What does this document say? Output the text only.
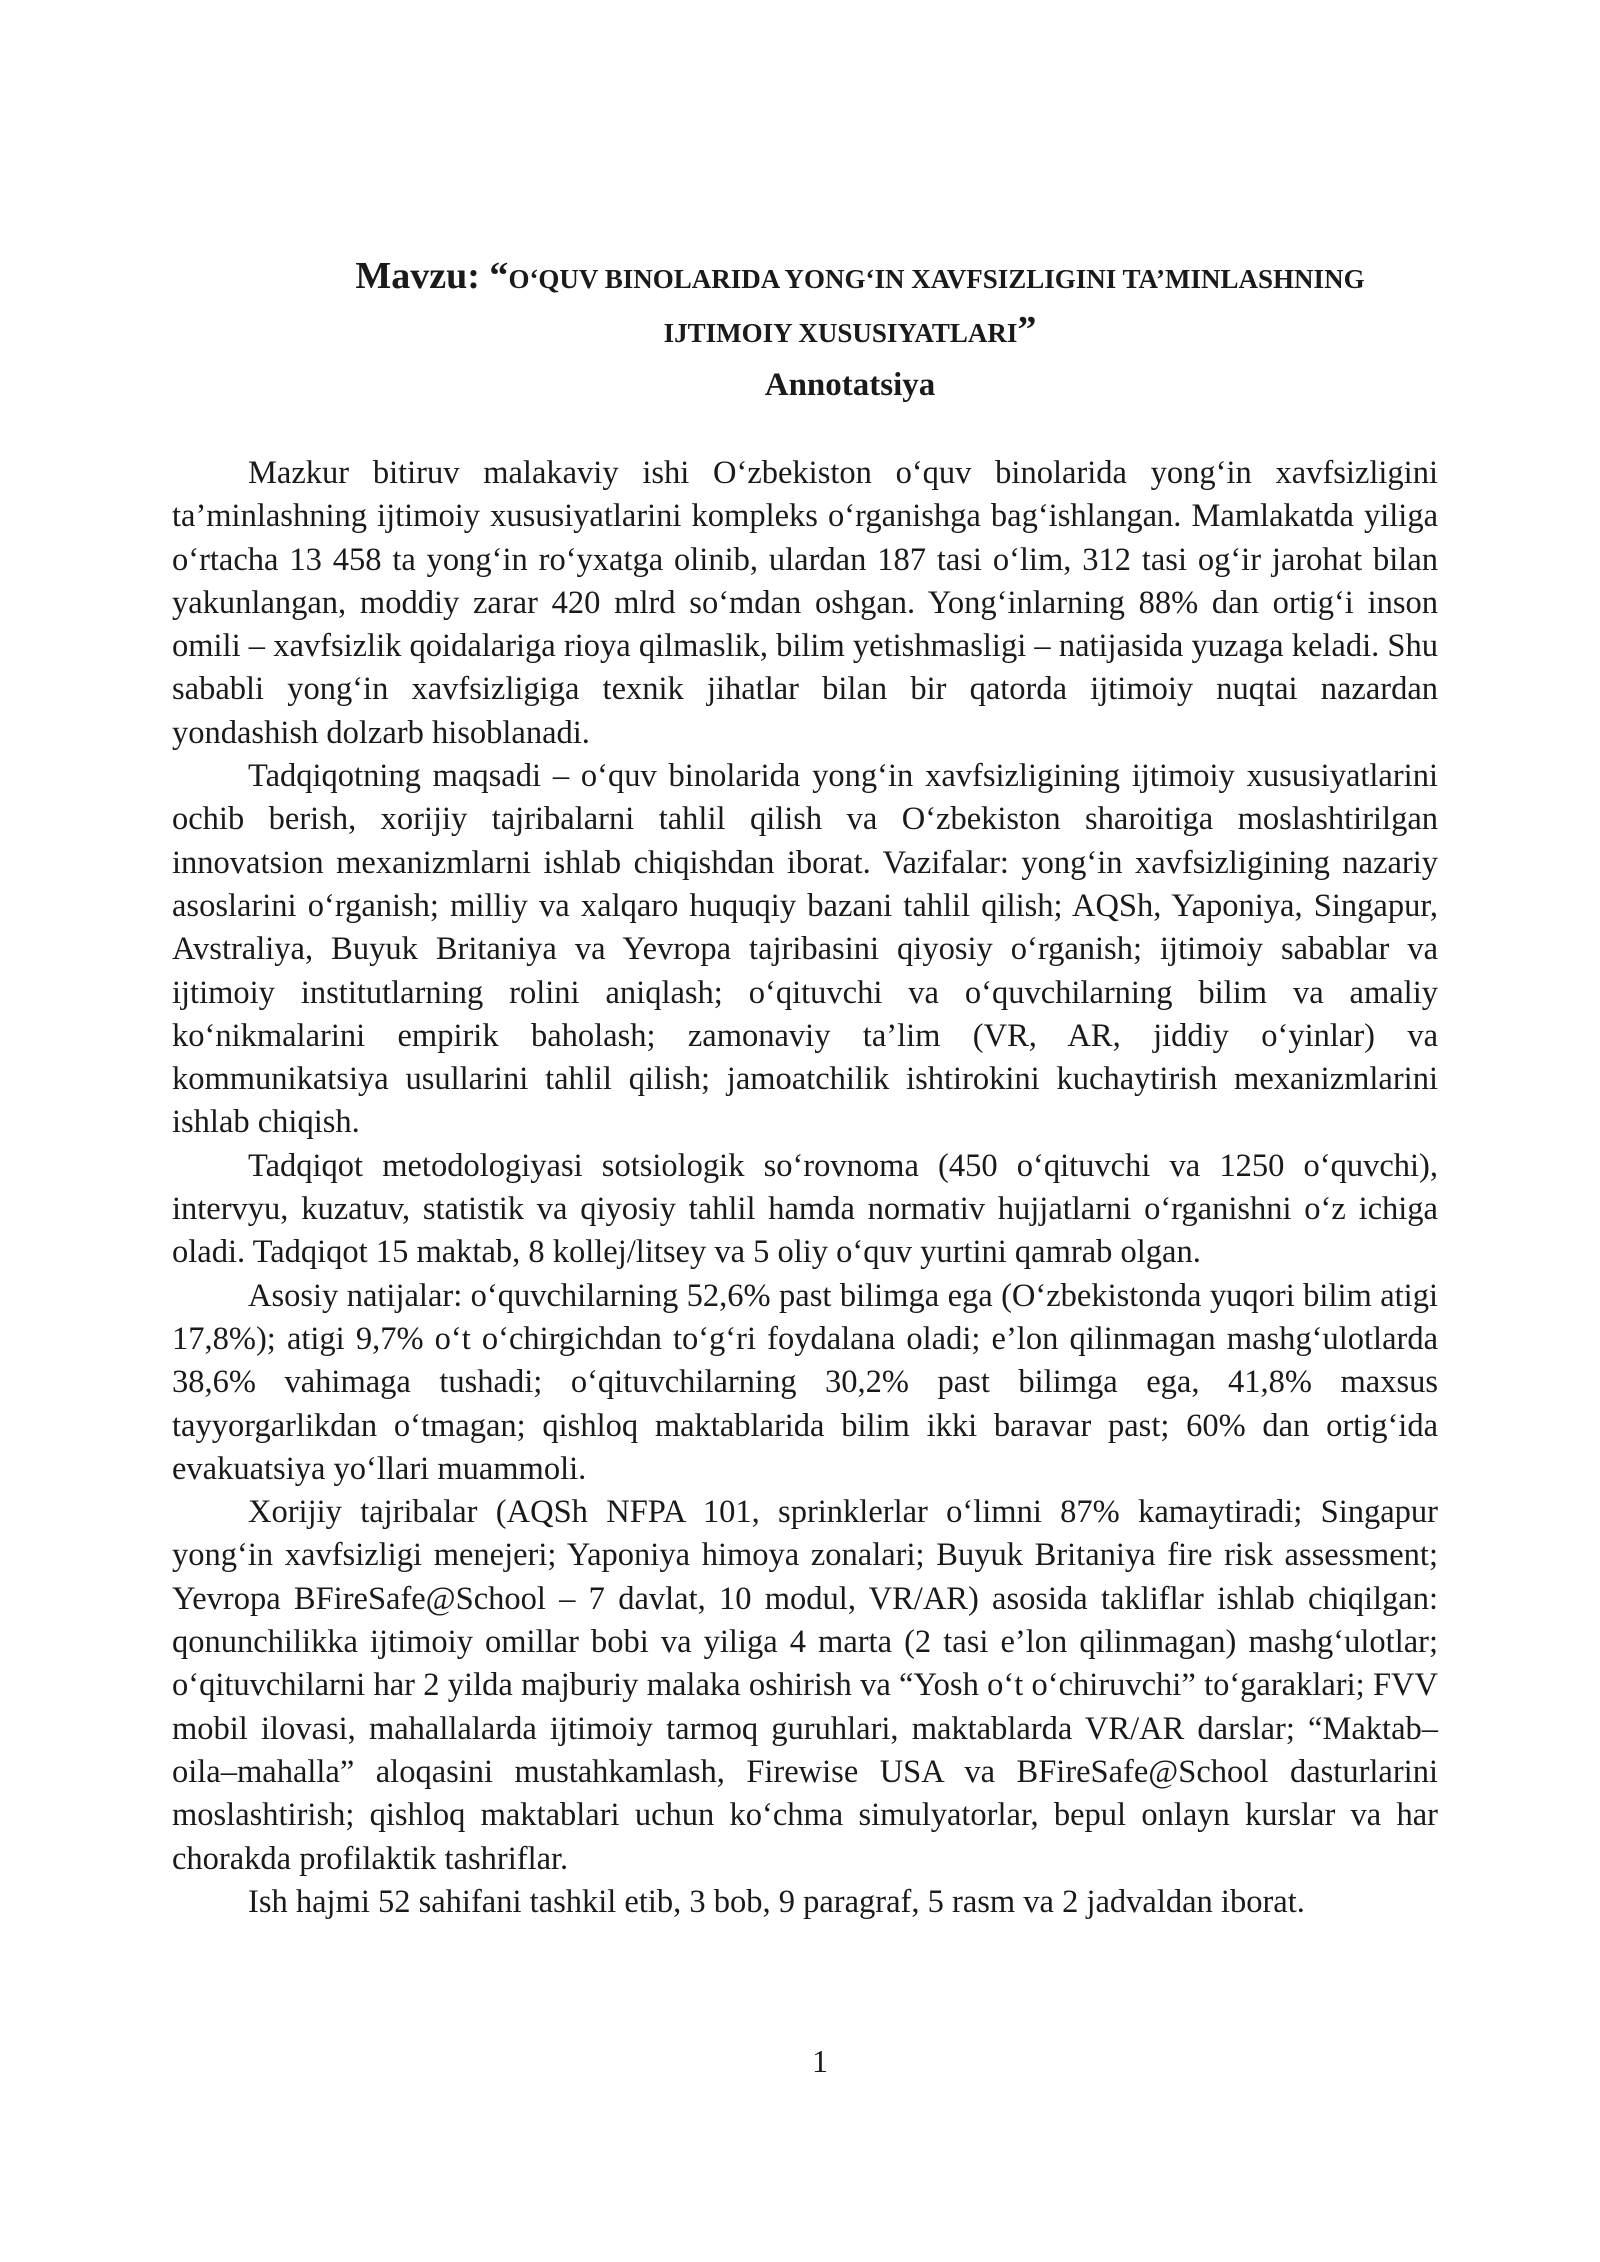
Mavzu: “O‘QUV BINOLARIDA YONG‘IN XAVFSIZLIGINI TA’MINLASHNING

IJTIMOIY XUSUSIYATLARI”

Annotatsiya

Mazkur bitiruv malakaviy ishi O‘zbekiston o‘quv binolarida yong‘in xavfsizligini ta’minlashning ijtimoiy xususiyatlarini kompleks o‘rganishga bag‘ishlangan. Mamlakatda yiliga o‘rtacha 13 458 ta yong‘in ro‘yxatga olinib, ulardan 187 tasi o‘lim, 312 tasi og‘ir jarohat bilan yakunlangan, moddiy zarar 420 mlrd so‘mdan oshgan. Yong‘inlarning 88% dan ortig‘i inson omili – xavfsizlik qoidalariga rioya qilmaslik, bilim yetishmasligi – natijasida yuzaga keladi. Shu sababli yong‘in xavfsizligiga texnik jihatlar bilan bir qatorda ijtimoiy nuqtai nazardan yondashish dolzarb hisoblanadi.

Tadqiqotning maqsadi – o‘quv binolarida yong‘in xavfsizligining ijtimoiy xususiyatlarini ochib berish, xorijiy tajribalarni tahlil qilish va O‘zbekiston sharoitiga moslashtirilgan innovatsion mexanizmlarni ishlab chiqishdan iborat. Vazifalar: yong‘in xavfsizligining nazariy asoslarini o‘rganish; milliy va xalqaro huquqiy bazani tahlil qilish; AQSh, Yaponiya, Singapur, Avstraliya, Buyuk Britaniya va Yevropa tajribasini qiyosiy o‘rganish; ijtimoiy sabablar va ijtimoiy institutlarning rolini aniqlash; o‘qituvchi va o‘quvchilarning bilim va amaliy ko‘nikmalarini empirik baholash; zamonaviy ta’lim (VR, AR, jiddiy o‘yinlar) va kommunikatsiya usullarini tahlil qilish; jamoatchilik ishtirokini kuchaytirish mexanizmlarini ishlab chiqish.

Tadqiqot metodologiyasi sotsiologik so‘rovnoma (450 o‘qituvchi va 1250 o‘quvchi), intervyu, kuzatuv, statistik va qiyosiy tahlil hamda normativ hujjatlarni o‘rganishni o‘z ichiga oladi. Tadqiqot 15 maktab, 8 kollej/litsey va 5 oliy o‘quv yurtini qamrab olgan.

Asosiy natijalar: o‘quvchilarning 52,6% past bilimga ega (O‘zbekistonda yuqori bilim atigi 17,8%); atigi 9,7% o‘t o‘chirgichdan to‘g‘ri foydalana oladi; e’lon qilinmagan mashg‘ulotlarda 38,6% vahimaga tushadi; o‘qituvchilarning 30,2% past bilimga ega, 41,8% maxsus tayyorgarlikdan o‘tmagan; qishloq maktablarida bilim ikki baravar past; 60% dan ortig‘ida evakuatsiya yo‘llari muammoli.

Xorijiy tajribalar (AQSh NFPA 101, sprinklerlar o‘limni 87% kamaytiradi; Singapur yong‘in xavfsizligi menejeri; Yaponiya himoya zonalari; Buyuk Britaniya fire risk assessment; Yevropa BFireSafe@School – 7 davlat, 10 modul, VR/AR) asosida takliflar ishlab chiqilgan: qonunchilikka ijtimoiy omillar bobi va yiliga 4 marta (2 tasi e’lon qilinmagan) mashg‘ulotlar; o‘qituvchilarni har 2 yilda majburiy malaka oshirish va “Yosh o‘t o‘chiruvchi” to‘garaklari; FVV mobil ilovasi, mahallalarda ijtimoiy tarmoq guruhlari, maktablarda VR/AR darslar; “Maktab–oila–mahalla” aloqasini mustahkamlash, Firewise USA va BFireSafe@School dasturlarini moslashtirish; qishloq maktablari uchun ko‘chma simulyatorlar, bepul onlayn kurslar va har chorakda profilaktik tashriflar.

Ish hajmi 52 sahifani tashkil etib, 3 bob, 9 paragraf, 5 rasm va 2 jadvaldan iborat.

1
